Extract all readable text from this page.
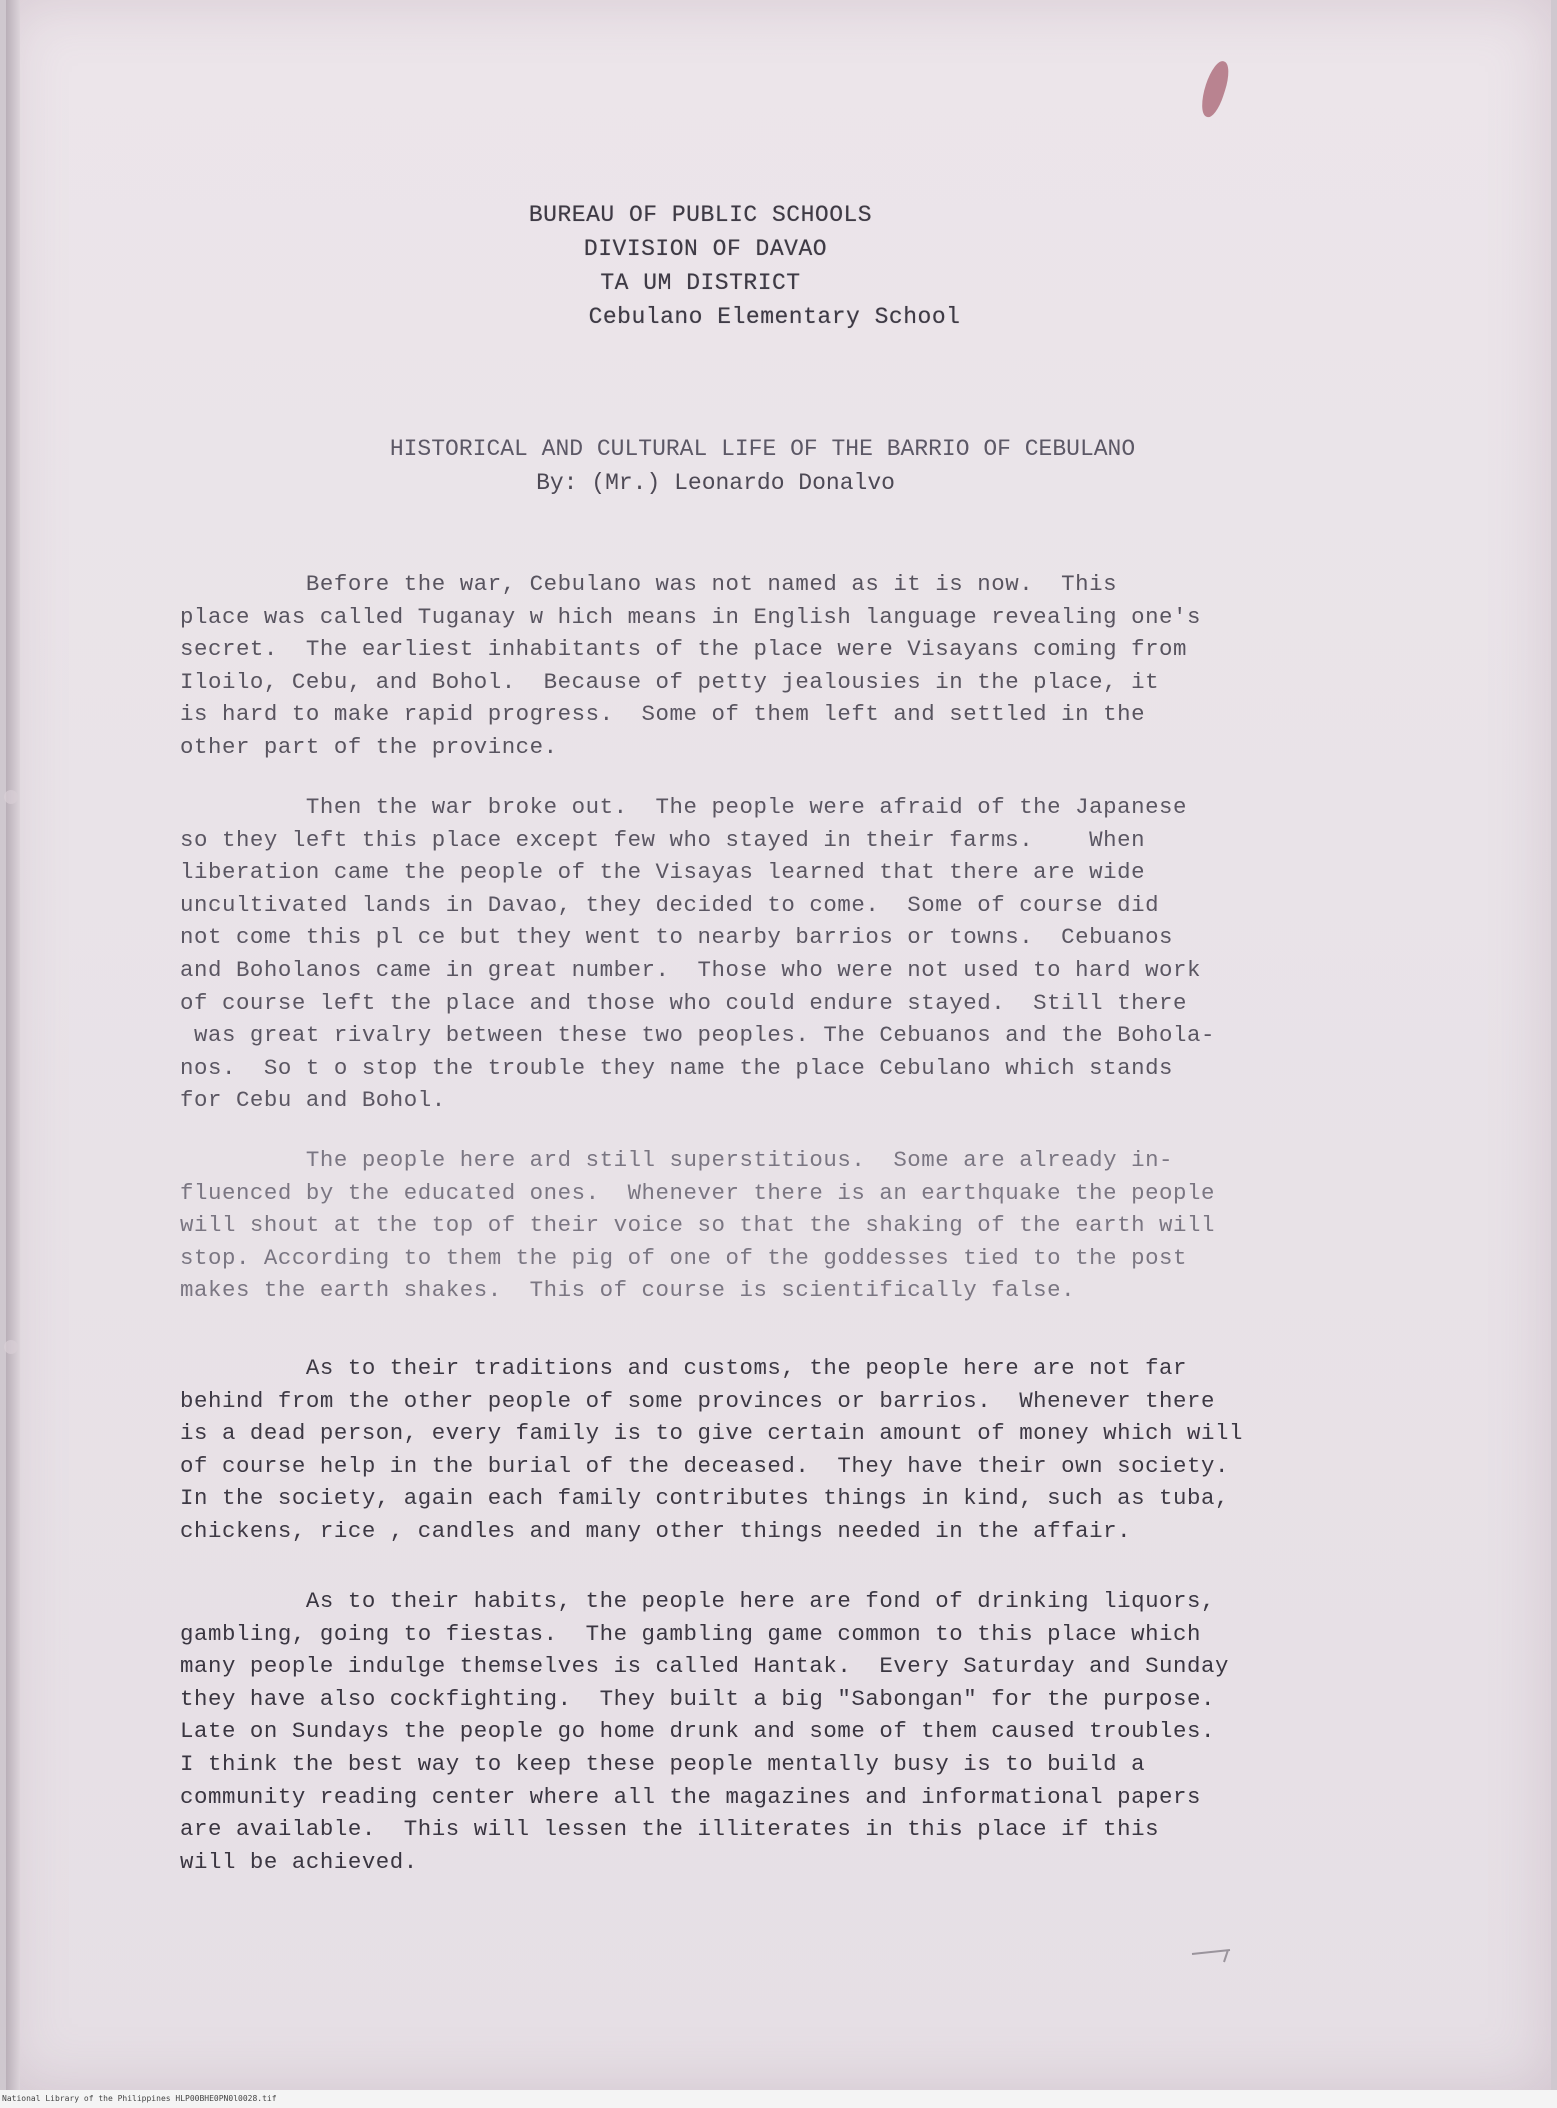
BUREAU OF PUBLIC SCHOOLS
DIVISION OF DAVAO
TA UM DISTRICT
Cebulano Elementary School
HISTORICAL AND CULTURAL LIFE OF THE BARRIO OF CEBULANO
By: (Mr.) Leonardo Donalvo
Before the war, Cebulano was not named as it is now.  This
place was called Tuganay w hich means in English language revealing one's
secret.  The earliest inhabitants of the place were Visayans coming from
Iloilo, Cebu, and Bohol.  Because of petty jealousies in the place, it
is hard to make rapid progress.  Some of them left and settled in the
other part of the province.
Then the war broke out.  The people were afraid of the Japanese
so they left this place except few who stayed in their farms.    When
liberation came the people of the Visayas learned that there are wide
uncultivated lands in Davao, they decided to come.  Some of course did
not come this pl ce but they went to nearby barrios or towns.  Cebuanos
and Boholanos came in great number.  Those who were not used to hard work
of course left the place and those who could endure stayed.  Still there
was great rivalry between these two peoples. The Cebuanos and the Bohola-
nos.  So t o stop the trouble they name the place Cebulano which stands
for Cebu and Bohol.
The people here ard still superstitious.  Some are already in-
fluenced by the educated ones.  Whenever there is an earthquake the people
will shout at the top of their voice so that the shaking of the earth will
stop. According to them the pig of one of the goddesses tied to the post
makes the earth shakes.  This of course is scientifically false.
As to their traditions and customs, the people here are not far
behind from the other people of some provinces or barrios.  Whenever there
is a dead person, every family is to give certain amount of money which will
of course help in the burial of the deceased.  They have their own society.
In the society, again each family contributes things in kind, such as tuba,
chickens, rice , candles and many other things needed in the affair.
As to their habits, the people here are fond of drinking liquors,
gambling, going to fiestas.  The gambling game common to this place which
many people indulge themselves is called Hantak.  Every Saturday and Sunday
they have also cockfighting.  They built a big "Sabongan" for the purpose.
Late on Sundays the people go home drunk and some of them caused troubles.
I think the best way to keep these people mentally busy is to build a
community reading center where all the magazines and informational papers
are available.  This will lessen the illiterates in this place if this
will be achieved.
National Library of the Philippines HLP00BHE0PN0l0028.tif
